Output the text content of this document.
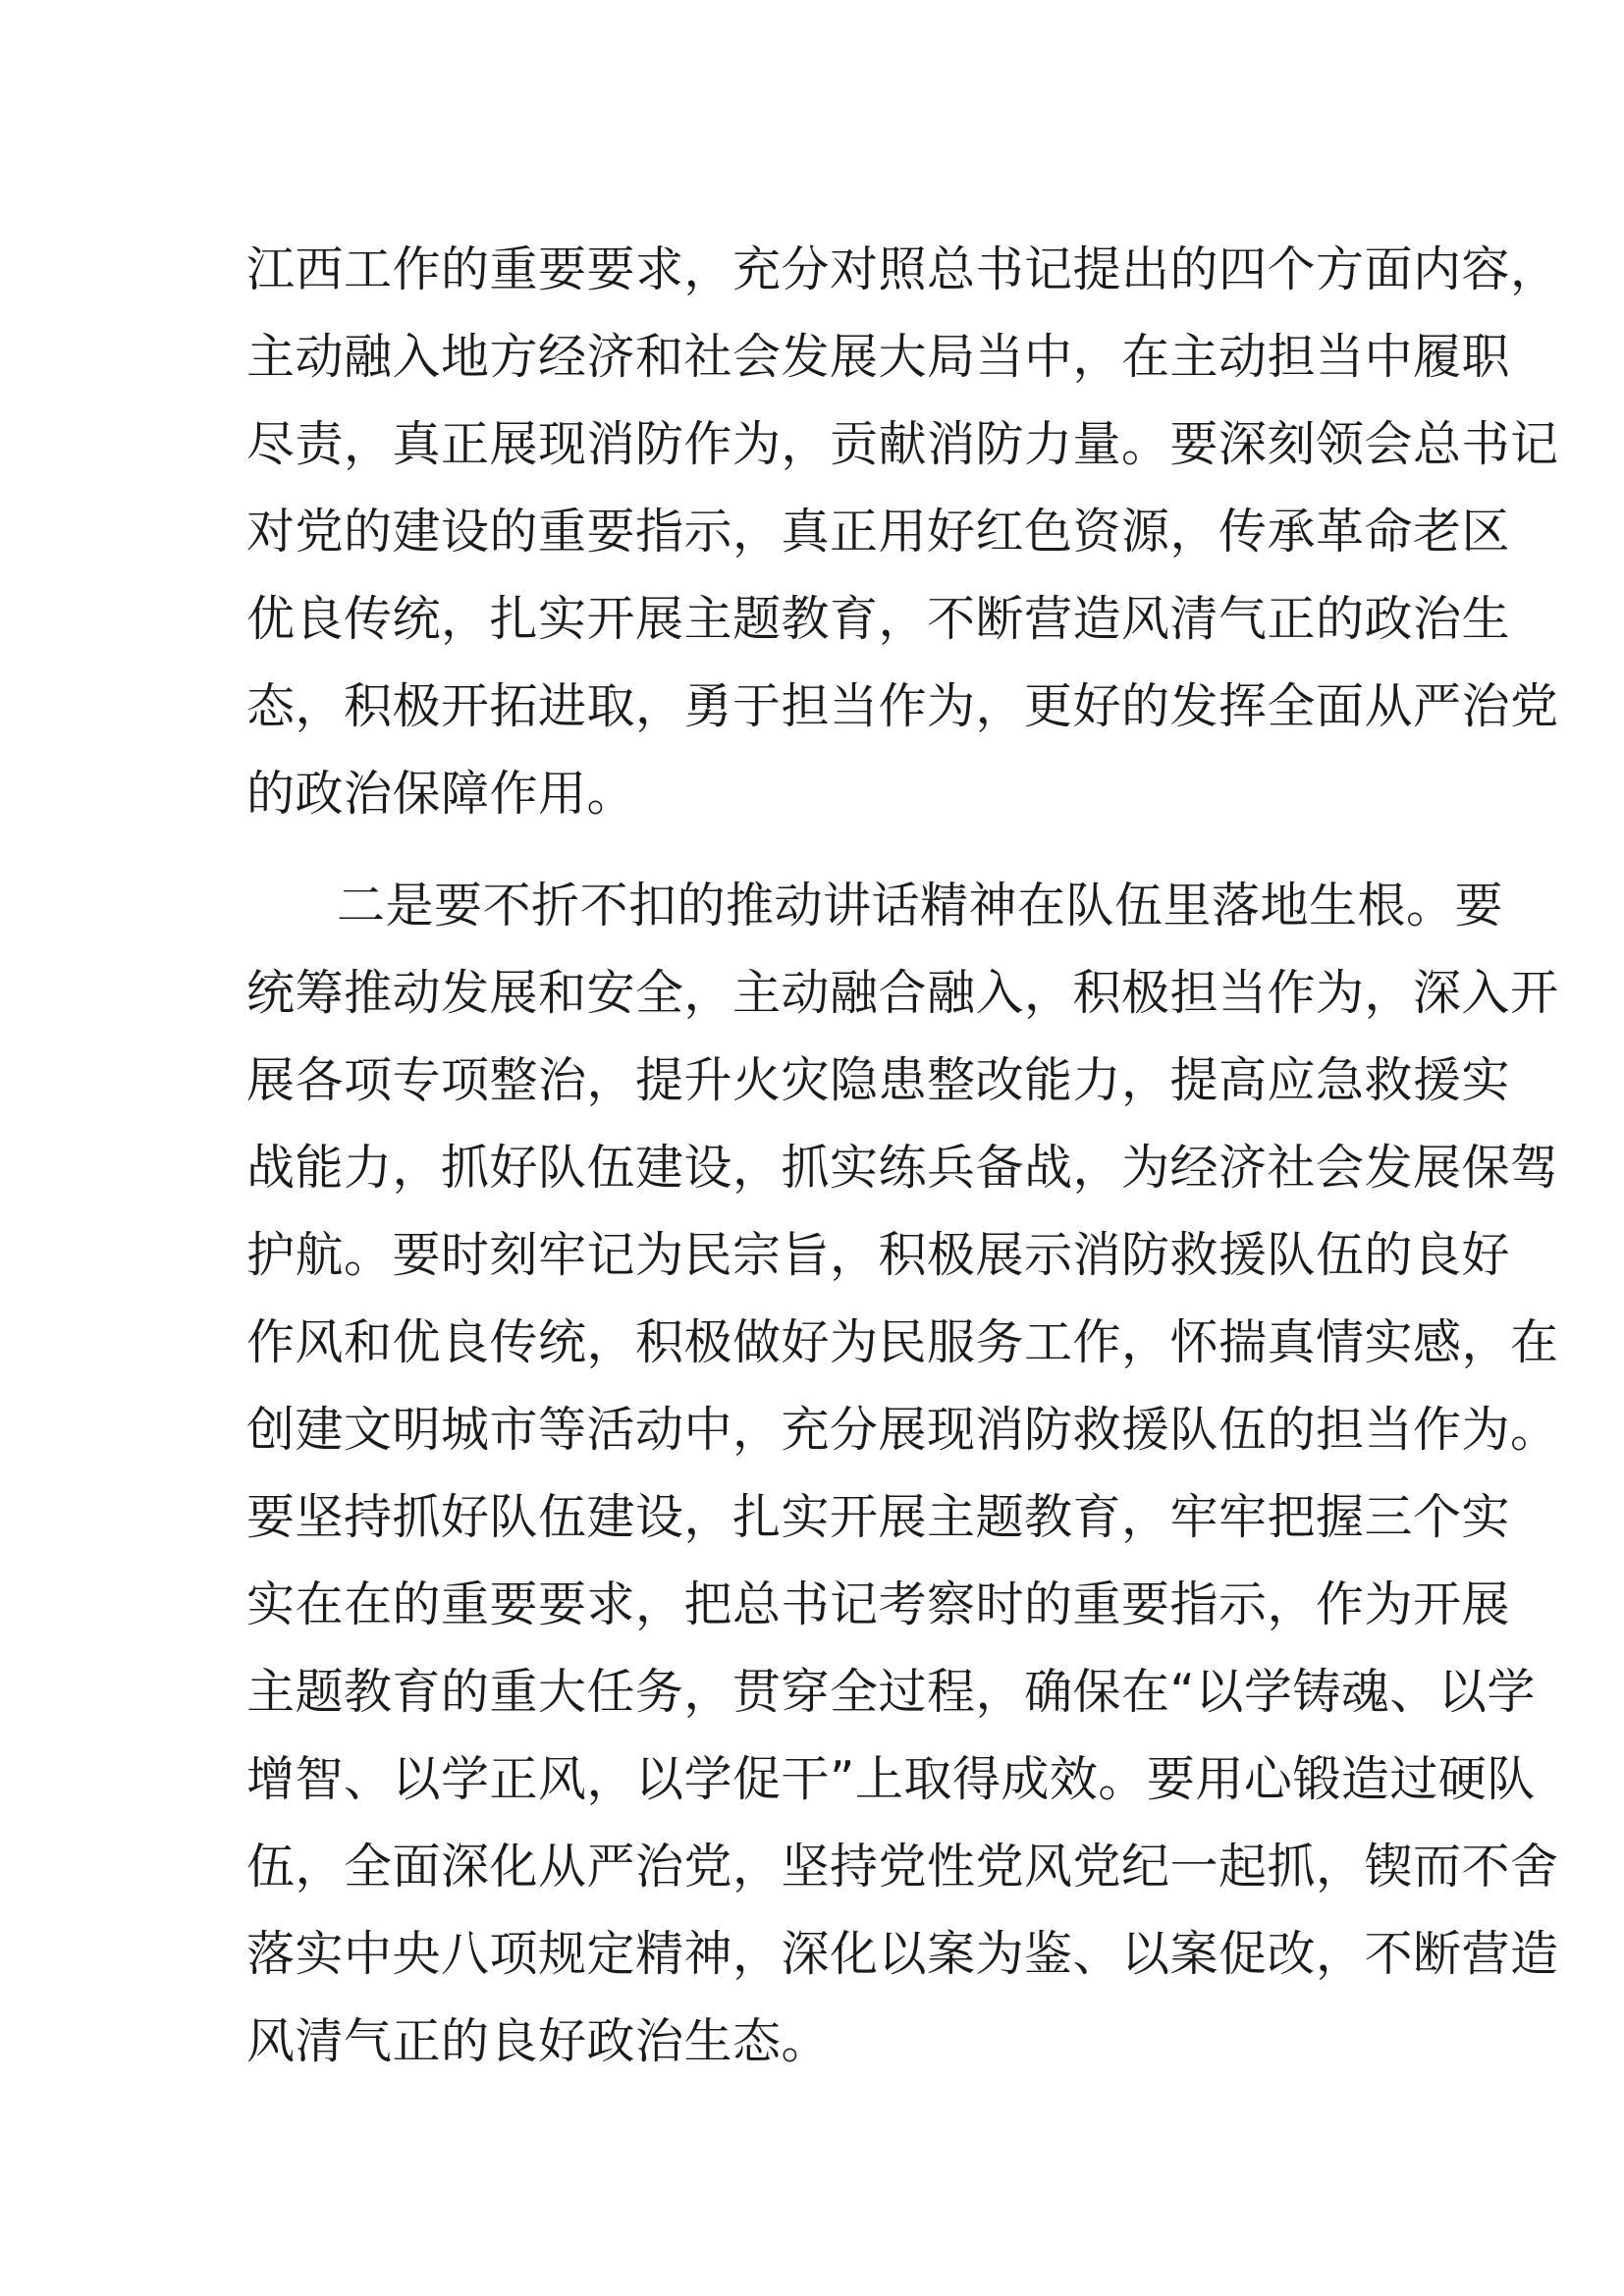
江西工作的重要要求，充分对照总书记提出的四个方面内容，
主动融入地方经济和社会发展大局当中，在主动担当中履职
尽责，真正展现消防作为，贡献消防力量。要深刻领会总书记
对党的建设的重要指示，真正用好红色资源，传承革命老区
优良传统，扎实开展主题教育，不断营造风清气正的政治生
态，积极开拓进取，勇于担当作为，更好的发挥全面从严治党
的政治保障作用。
二是要不折不扣的推动讲话精神在队伍里落地生根。要
统筹推动发展和安全，主动融合融入，积极担当作为，深入开
展各项专项整治，提升火灾隐患整改能力，提高应急救援实
战能力，抓好队伍建设，抓实练兵备战，为经济社会发展保驾
护航。要时刻牢记为民宗旨，积极展示消防救援队伍的良好
作风和优良传统，积极做好为民服务工作，怀揣真情实感，在
创建文明城市等活动中，充分展现消防救援队伍的担当作为。
要坚持抓好队伍建设，扎实开展主题教育，牢牢把握三个实
实在在的重要要求，把总书记考察时的重要指示，作为开展
主题教育的重大任务，贯穿全过程，确保在“以学铸魂、以学
增智、以学正风，以学促干”上取得成效。要用心锻造过硬队
伍，全面深化从严治党，坚持党性党风党纪一起抓，锲而不舍
落实中央八项规定精神，深化以案为鉴、以案促改，不断营造
风清气正的良好政治生态。
